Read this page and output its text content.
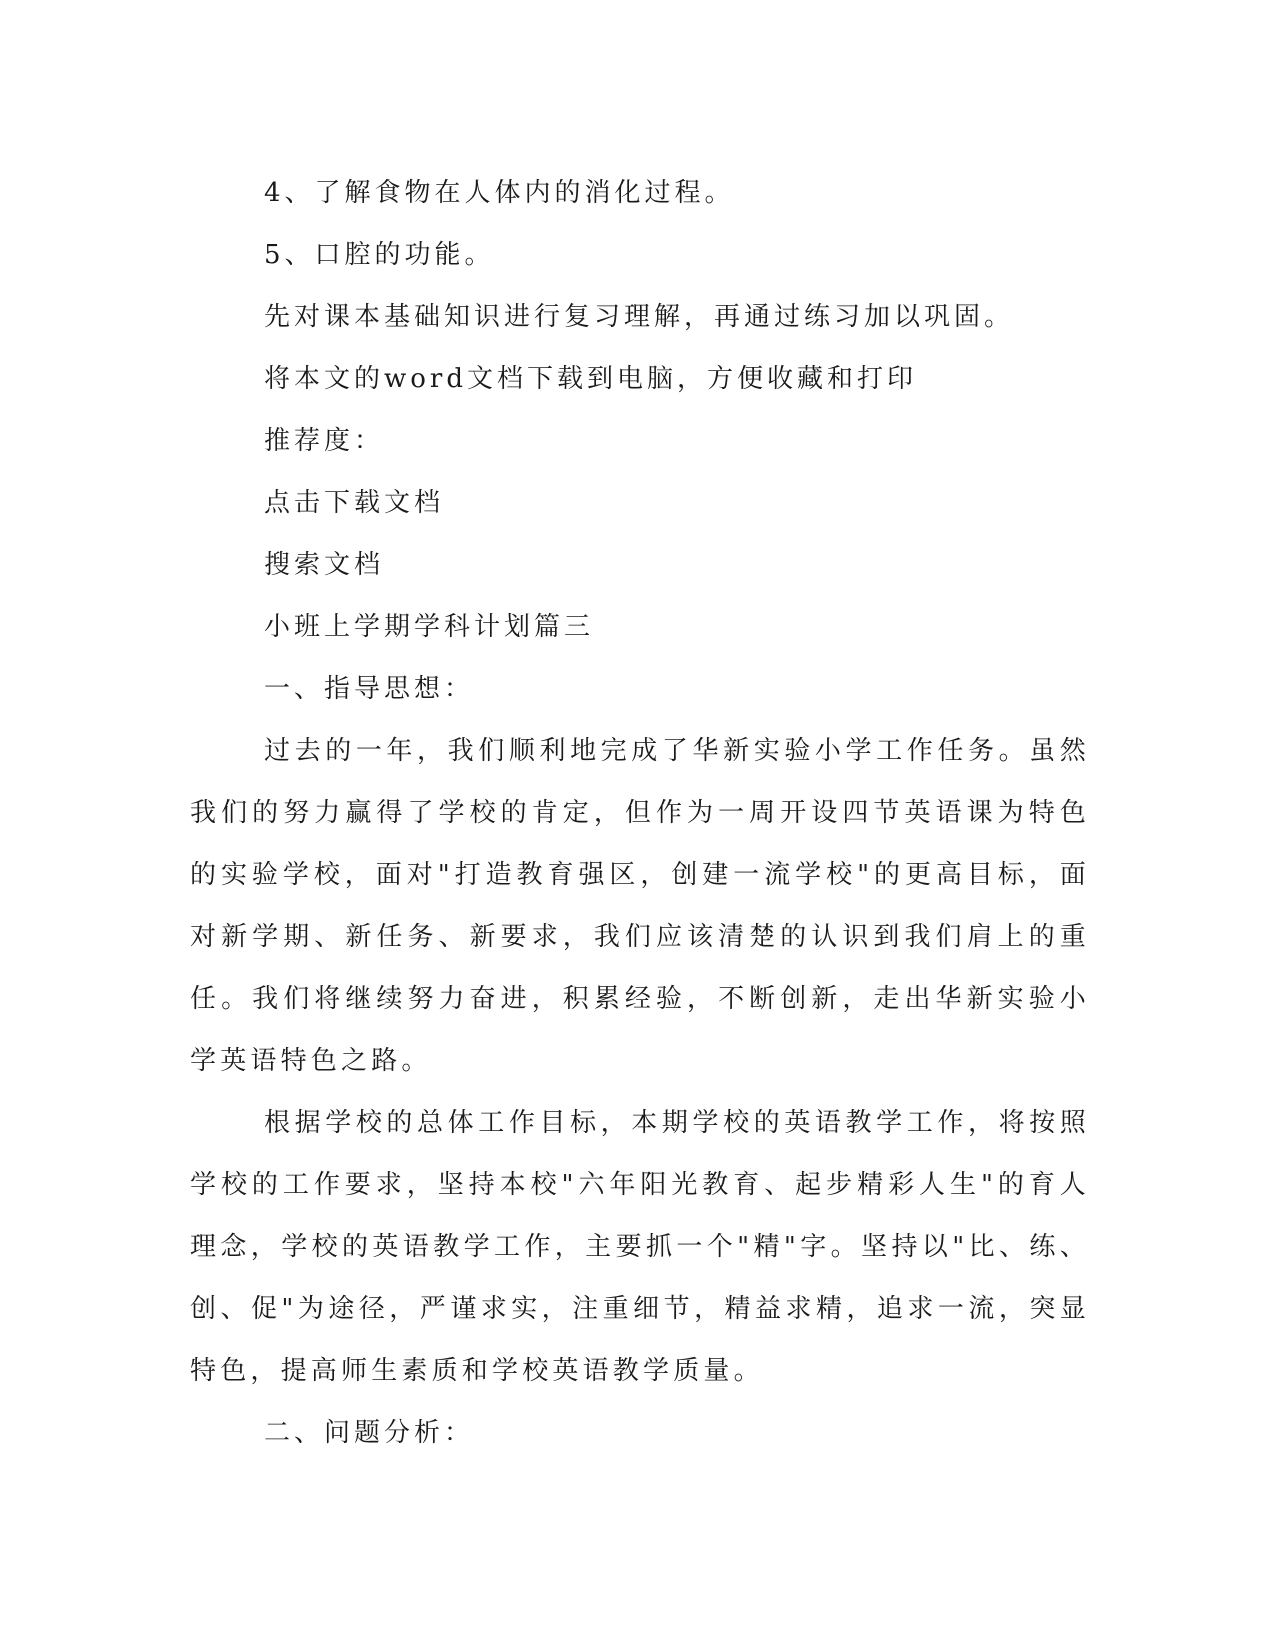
4、了解食物在人体内的消化过程。

5、口腔的功能。

先对课本基础知识进行复习理解，再通过练习加以巩固。

将本文的word文档下载到电脑，方便收藏和打印

推荐度：

点击下载文档

搜索文档

小班上学期学科计划篇三

一、指导思想：

过去的一年，我们顺利地完成了华新实验小学工作任务。虽然我们的努力赢得了学校的肯定，但作为一周开设四节英语课为特色的实验学校，面对"打造教育强区，创建一流学校"的更高目标，面对新学期、新任务、新要求，我们应该清楚的认识到我们肩上的重任。我们将继续努力奋进，积累经验，不断创新，走出华新实验小学英语特色之路。

根据学校的总体工作目标，本期学校的英语教学工作，将按照学校的工作要求，坚持本校"六年阳光教育、起步精彩人生"的育人理念，学校的英语教学工作，主要抓一个"精"字。坚持以"比、练、创、促"为途径，严谨求实，注重细节，精益求精，追求一流，突显特色，提高师生素质和学校英语教学质量。

二、问题分析：
